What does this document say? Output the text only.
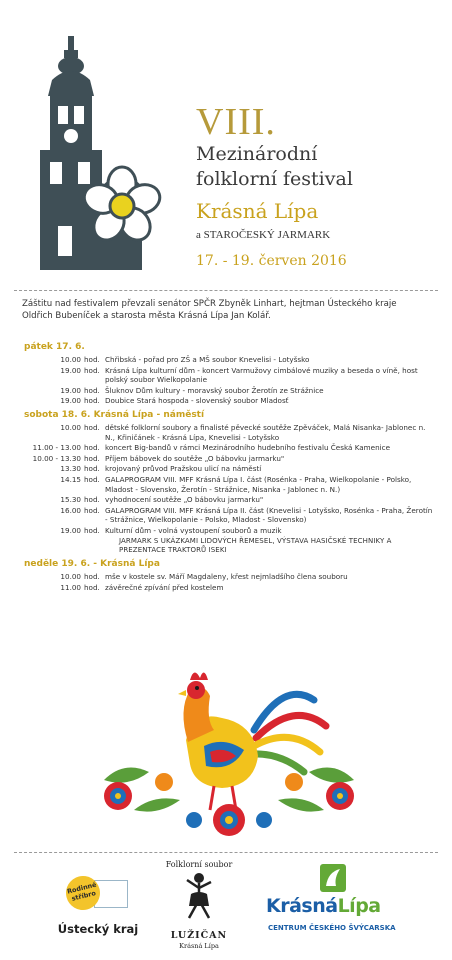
VIII.
Mezinárodní
folklorní festival
Krásná Lípa
a STAROČESKÝ JARMARK
17. - 19. červen 2016
Záštitu nad festivalem převzali senátor SPČR Zbyněk Linhart, hejtman Ústeckého kraje
Oldřich Bubeníček a starosta města Krásná Lípa Jan Kolář.
pátek 17. 6.
10.00 hod. Chřibská - pořad pro ZŠ a MŠ soubor Knevelisi - Lotyšsko
19.00 hod. Krásná Lípa kulturní dům - koncert Varmužovy cimbálové muziky a beseda o víně, host polský soubor Wielkopolanie
19.00 hod. Šluknov Dům kultury - moravský soubor Žerotín ze Strážnice
19.00 hod. Doubice Stará hospoda - slovenský soubor Mladosť
sobota 18. 6. Krásná Lípa - náměstí
10.00 hod. dětské folklorní soubory a finalisté pěvecké soutěže Zpěváček, Malá Nisanka- Jablonec n. N., Křiničánek - Krásná Lípa, Knevelisi - Lotyšsko
11.00 - 13.00 hod. koncert Big-bandů v rámci Mezinárodního hudebního festivalu Česká Kamenice
10.00 - 13.30 hod. Příjem bábovek do soutěže „O bábovku jarmarku"
13.30 hod. krojovaný průvod Pražskou ulicí na náměstí
14.15 hod. GALAPROGRAM VIII. MFF Krásná Lípa I. část (Rosénka - Praha, Wielkopolanie - Polsko, Mladost - Slovensko, Žerotín - Strážnice, Nisanka - Jablonec n. N.)
15.30 hod. vyhodnocení soutěže „O bábovku jarmarku"
16.00 hod. GALAPROGRAM VIII. MFF Krásná Lípa II. část (Knevelisi - Lotyšsko, Rosénka - Praha, Žerotín - Strážnice, Wielkopolanie - Polsko, Mladost - Slovensko)
19.00 hod. Kulturní dům - volná vystoupení souborů a muzik
JARMARK S UKÁZKAMI LIDOVÝCH ŘEMESEL, VÝSTAVA HASIČSKÉ TECHNIKY A PREZENTACE TRAKTORŮ ISEKI
neděle 19. 6. - Krásná Lípa
10.00 hod. mše v kostele sv. Máří Magdaleny, křest nejmladšího člena souboru
11.00 hod. závěrečné zpívání před kostelem
Rodinné stříbro
Ústecký kraj
Folklorní soubor
LUŽIČAN
Krásná Lípa
KrásnáLípa
CENTRUM ČESKÉHO ŠVÝCARSKA
